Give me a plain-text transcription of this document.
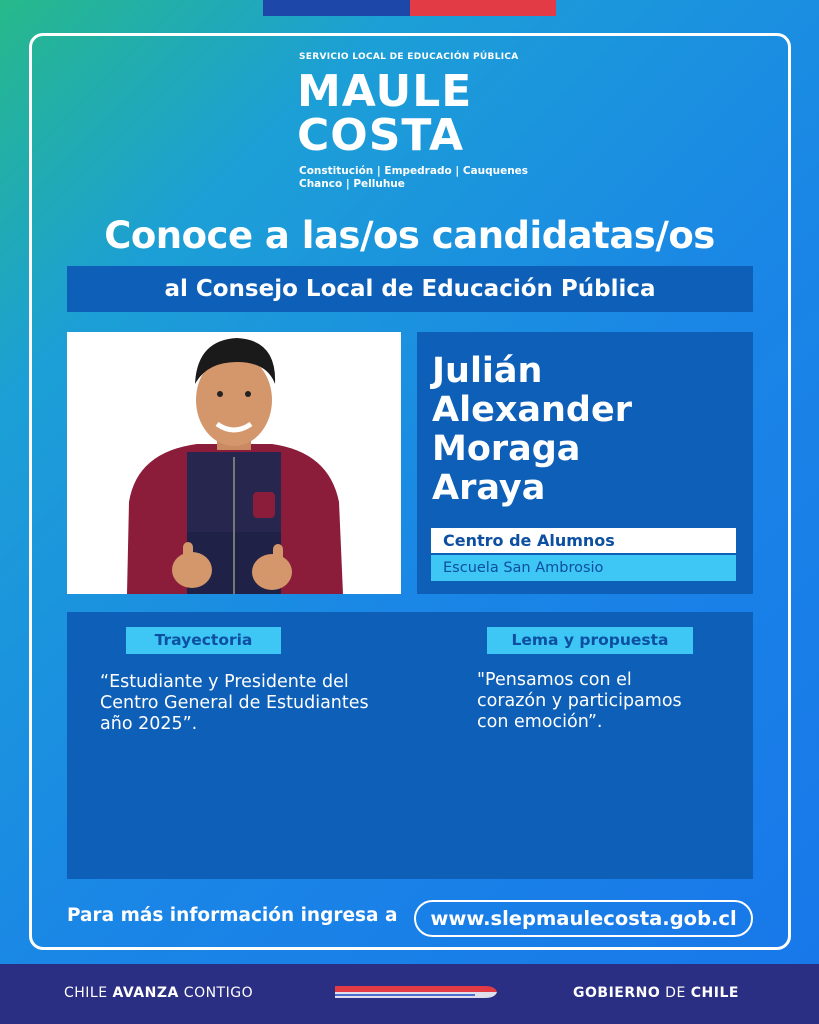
SERVICIO LOCAL DE EDUCACIÓN PÚBLICA
MAULE
COSTA
Constitución | Empedrado | Cauquenes
Chanco | Pelluhue
Conoce a las/os candidatas/os
al Consejo Local de Educación Pública
Julián
Alexander
Moraga
Araya
Centro de Alumnos
Escuela San Ambrosio
Trayectoria	Lema y propuesta
“Estudiante y Presidente del
Centro General de Estudiantes
año 2025”.
"Pensamos con el
corazón y participamos
con emoción”.
Para más información ingresa a	www.slepmaulecosta.gob.cl
CHILE AVANZA CONTIGO	GOBIERNO DE CHILE
